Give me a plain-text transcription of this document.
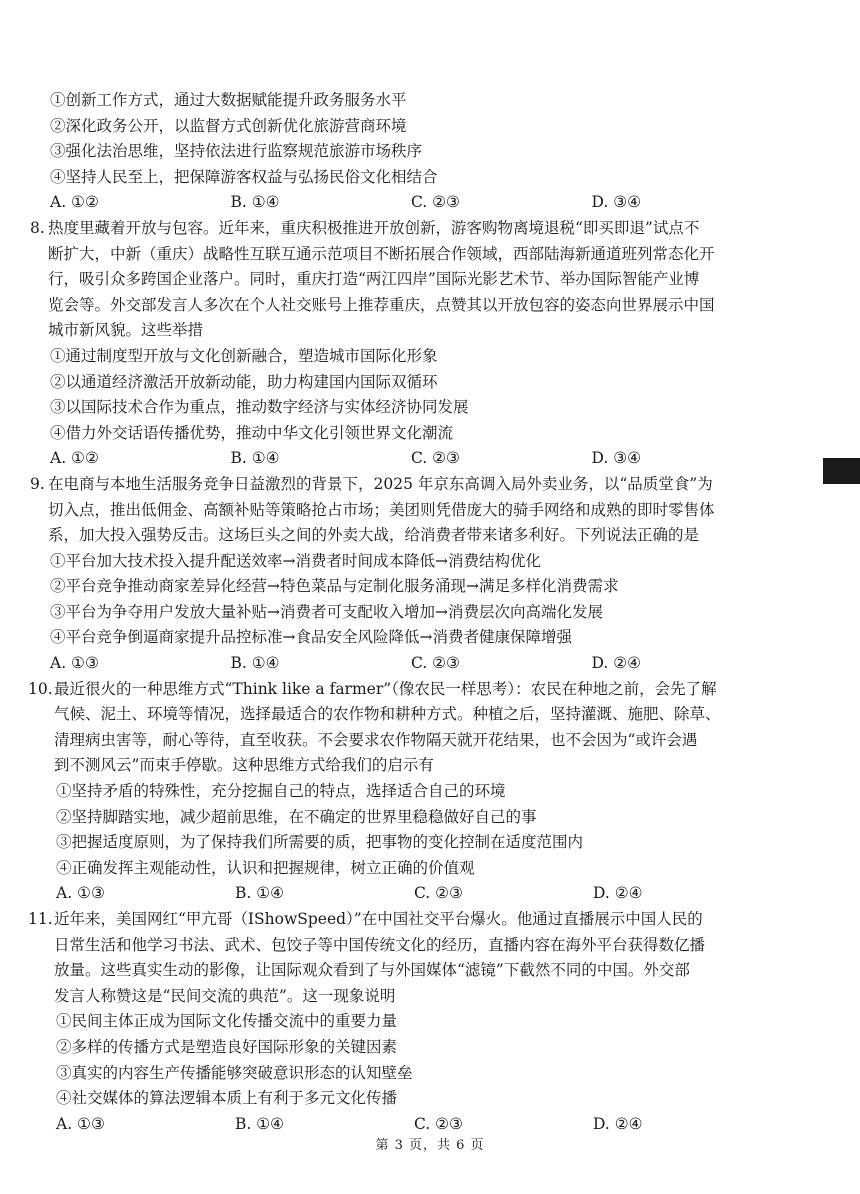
①创新工作方式，通过大数据赋能提升政务服务水平
②深化政务公开，以监督方式创新优化旅游营商环境
③强化法治思维，坚持依法进行监察规范旅游市场秩序
④坚持人民至上，把保障游客权益与弘扬民俗文化相结合
A. ①②	B. ①④	C. ②③	D. ③④
8. 热度里藏着开放与包容。近年来，重庆积极推进开放创新，游客购物离境退税“即买即退”试点不
断扩大，中新（重庆）战略性互联互通示范项目不断拓展合作领域，西部陆海新通道班列常态化开
行，吸引众多跨国企业落户。同时，重庆打造“两江四岸”国际光影艺术节、举办国际智能产业博
览会等。外交部发言人多次在个人社交账号上推荐重庆，点赞其以开放包容的姿态向世界展示中国
城市新风貌。这些举措
①通过制度型开放与文化创新融合，塑造城市国际化形象
②以通道经济激活开放新动能，助力构建国内国际双循环
③以国际技术合作为重点，推动数字经济与实体经济协同发展
④借力外交话语传播优势，推动中华文化引领世界文化潮流
A. ①②	B. ①④	C. ②③	D. ③④
9. 在电商与本地生活服务竞争日益激烈的背景下，2025 年京东高调入局外卖业务，以“品质堂食”为
切入点，推出低佣金、高额补贴等策略抢占市场；美团则凭借庞大的骑手网络和成熟的即时零售体
系，加大投入强势反击。这场巨头之间的外卖大战，给消费者带来诸多利好。下列说法正确的是
①平台加大技术投入提升配送效率→消费者时间成本降低→消费结构优化
②平台竞争推动商家差异化经营→特色菜品与定制化服务涌现→满足多样化消费需求
③平台为争夺用户发放大量补贴→消费者可支配收入增加→消费层次向高端化发展
④平台竞争倒逼商家提升品控标准→食品安全风险降低→消费者健康保障增强
A. ①③	B. ①④	C. ②③	D. ②④
10. 最近很火的一种思维方式“Think like a farmer”（像农民一样思考）：农民在种地之前，会先了解
气候、泥土、环境等情况，选择最适合的农作物和耕种方式。种植之后，坚持灌溉、施肥、除草、
清理病虫害等，耐心等待，直至收获。不会要求农作物隔天就开花结果，也不会因为“或许会遇
到不测风云”而束手停歇。这种思维方式给我们的启示有
①坚持矛盾的特殊性，充分挖掘自己的特点，选择适合自己的环境
②坚持脚踏实地，减少超前思维，在不确定的世界里稳稳做好自己的事
③把握适度原则，为了保持我们所需要的质，把事物的变化控制在适度范围内
④正确发挥主观能动性，认识和把握规律，树立正确的价值观
A. ①③	B. ①④	C. ②③	D. ②④
11. 近年来，美国网红“甲亢哥（IShowSpeed）”在中国社交平台爆火。他通过直播展示中国人民的
日常生活和他学习书法、武术、包饺子等中国传统文化的经历，直播内容在海外平台获得数亿播
放量。这些真实生动的影像，让国际观众看到了与外国媒体“滤镜”下截然不同的中国。外交部
发言人称赞这是“民间交流的典范”。这一现象说明
①民间主体正成为国际文化传播交流中的重要力量
②多样的传播方式是塑造良好国际形象的关键因素
③真实的内容生产传播能够突破意识形态的认知壁垒
④社交媒体的算法逻辑本质上有利于多元文化传播
A. ①③	B. ①④	C. ②③	D. ②④
第 3 页，共 6 页
